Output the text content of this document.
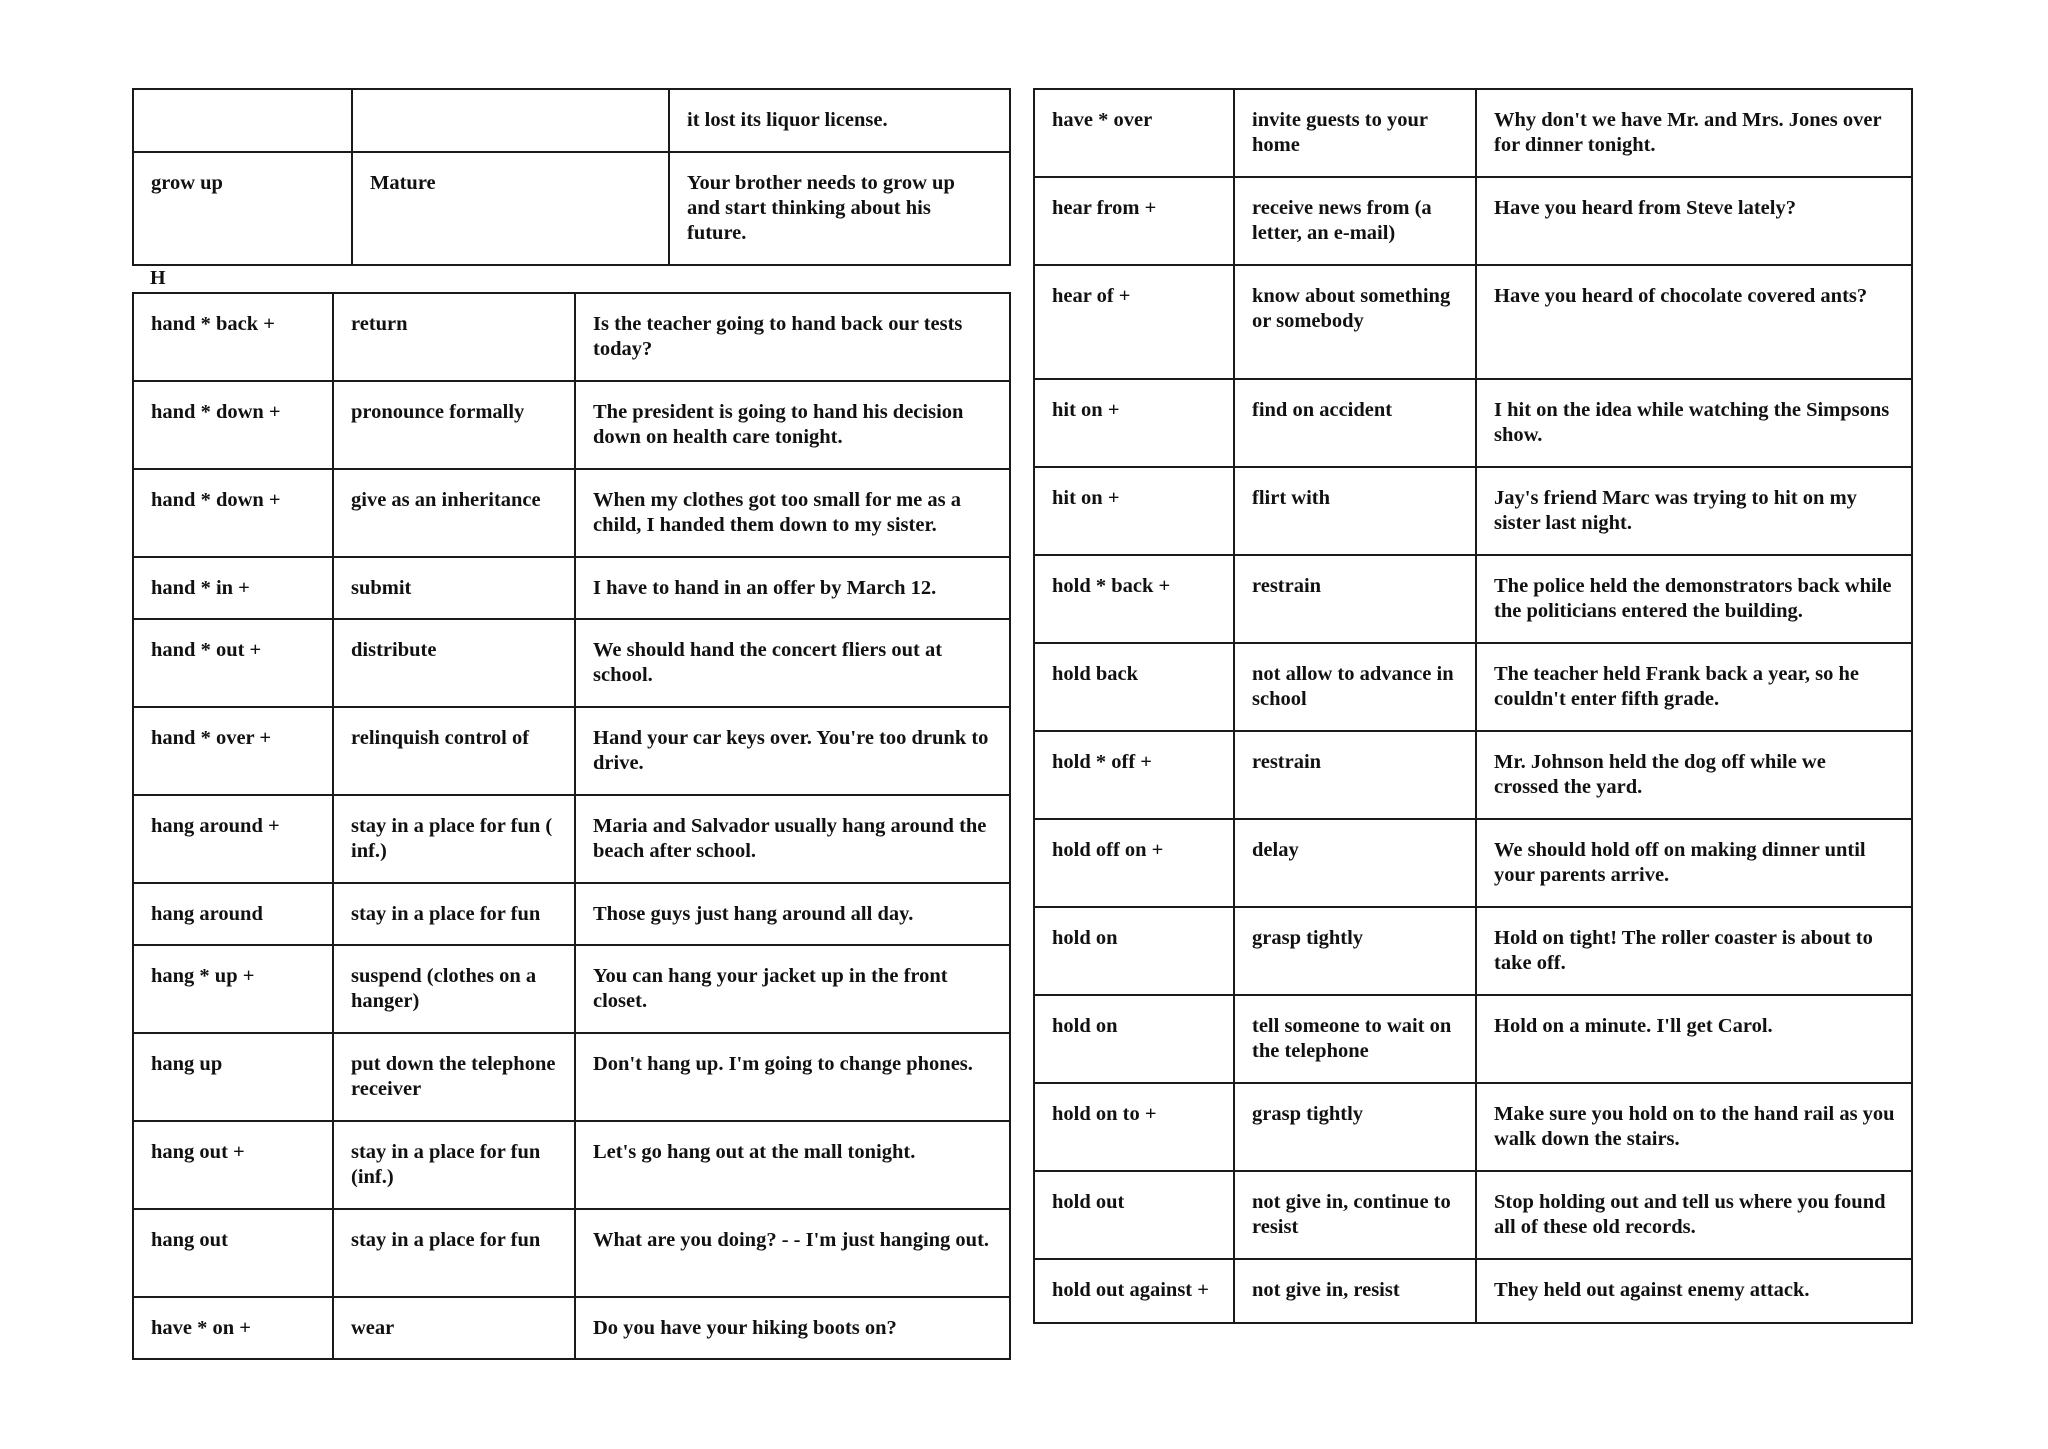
		it lost its liquor license.
grow up	Mature	Your brother needs to grow up and start thinking about his future.
H
hand * back +	return	Is the teacher going to hand back our tests today?
hand * down +	pronounce formally	The president is going to hand his decision down on health care tonight.
hand * down +	give as an inheritance	When my clothes got too small for me as a child, I handed them down to my sister.
hand * in +	submit	I have to hand in an offer by March 12.
hand * out +	distribute	We should hand the concert fliers out at school.
hand * over +	relinquish control of	Hand your car keys over. You're too drunk to drive.
hang around +	stay in a place for fun ( inf.)	Maria and Salvador usually hang around the beach after school.
hang around	stay in a place for fun	Those guys just hang around all day.
hang * up +	suspend (clothes on a hanger)	You can hang your jacket up in the front closet.
hang up	put down the telephone receiver	Don't hang up. I'm going to change phones.
hang out +	stay in a place for fun (inf.)	Let's go hang out at the mall tonight.
hang out	stay in a place for fun	What are you doing? - - I'm just hanging out.
have * on +	wear	Do you have your hiking boots on?
have * over	invite guests to your home	Why don't we have Mr. and Mrs. Jones over for dinner tonight.
hear from +	receive news from (a letter, an e-mail)	Have you heard from Steve lately?
hear of +	know about something or somebody	Have you heard of chocolate covered ants?
hit on +	find on accident	I hit on the idea while watching the Simpsons show.
hit on +	flirt with	Jay's friend Marc was trying to hit on my sister last night.
hold * back +	restrain	The police held the demonstrators back while the politicians entered the building.
hold back	not allow to advance in school	The teacher held Frank back a year, so he couldn't enter fifth grade.
hold * off +	restrain	Mr. Johnson held the dog off while we crossed the yard.
hold off on +	delay	We should hold off on making dinner until your parents arrive.
hold on	grasp tightly	Hold on tight! The roller coaster is about to take off.
hold on	tell someone to wait on the telephone	Hold on a minute. I'll get Carol.
hold on to +	grasp tightly	Make sure you hold on to the hand rail as you walk down the stairs.
hold out	not give in, continue to resist	Stop holding out and tell us where you found all of these old records.
hold out against +	not give in, resist	They held out against enemy attack.
